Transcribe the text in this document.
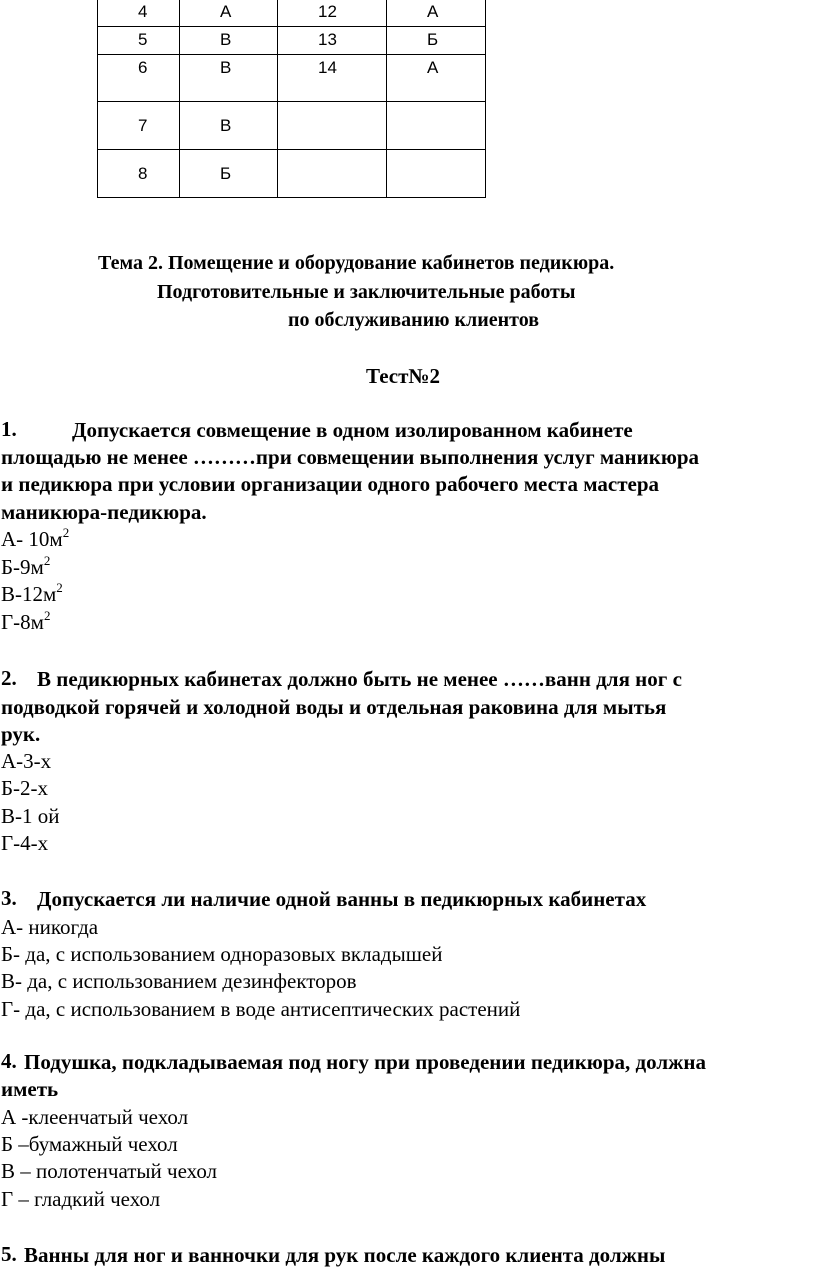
4	А	12	А
5	В	13	Б
6	В	14	А
7	В		
8	Б		
Тема 2. Помещение и оборудование кабинетов педикюра.
Подготовительные и заключительные работы
по обслуживанию клиентов
Тест№2
1.	Допускается совмещение в одном изолированном кабинете
площадью не менее ………при совмещении выполнения услуг маникюра
и педикюра при условии организации одного рабочего места мастера
маникюра-педикюра.
А- $10м^2$
$Б-9м^2$
$В-12м^2$
$Г-8м^2$
2. В педикюрных кабинетах должно быть не менее ……ванн для ног с
подводкой горячей и холодной воды и отдельная раковина для мытья
рук.
А-3-х
Б-2-х
В-1 ой
Г-4-х
3. Допускается ли наличие одной ванны в педикюрных кабинетах
А- никогда
Б- да, с использованием одноразовых вкладышей
В- да, с использованием дезинфекторов
Г- да, с использованием в воде антисептических растений
4. Подушка, подкладываемая под ногу при проведении педикюра, должна
иметь
А -клеенчатый чехол
Б –бумажный чехол
В – полотенчатый чехол
Г – гладкий чехол
5. Ванны для ног и ванночки для рук после каждого клиента должны
